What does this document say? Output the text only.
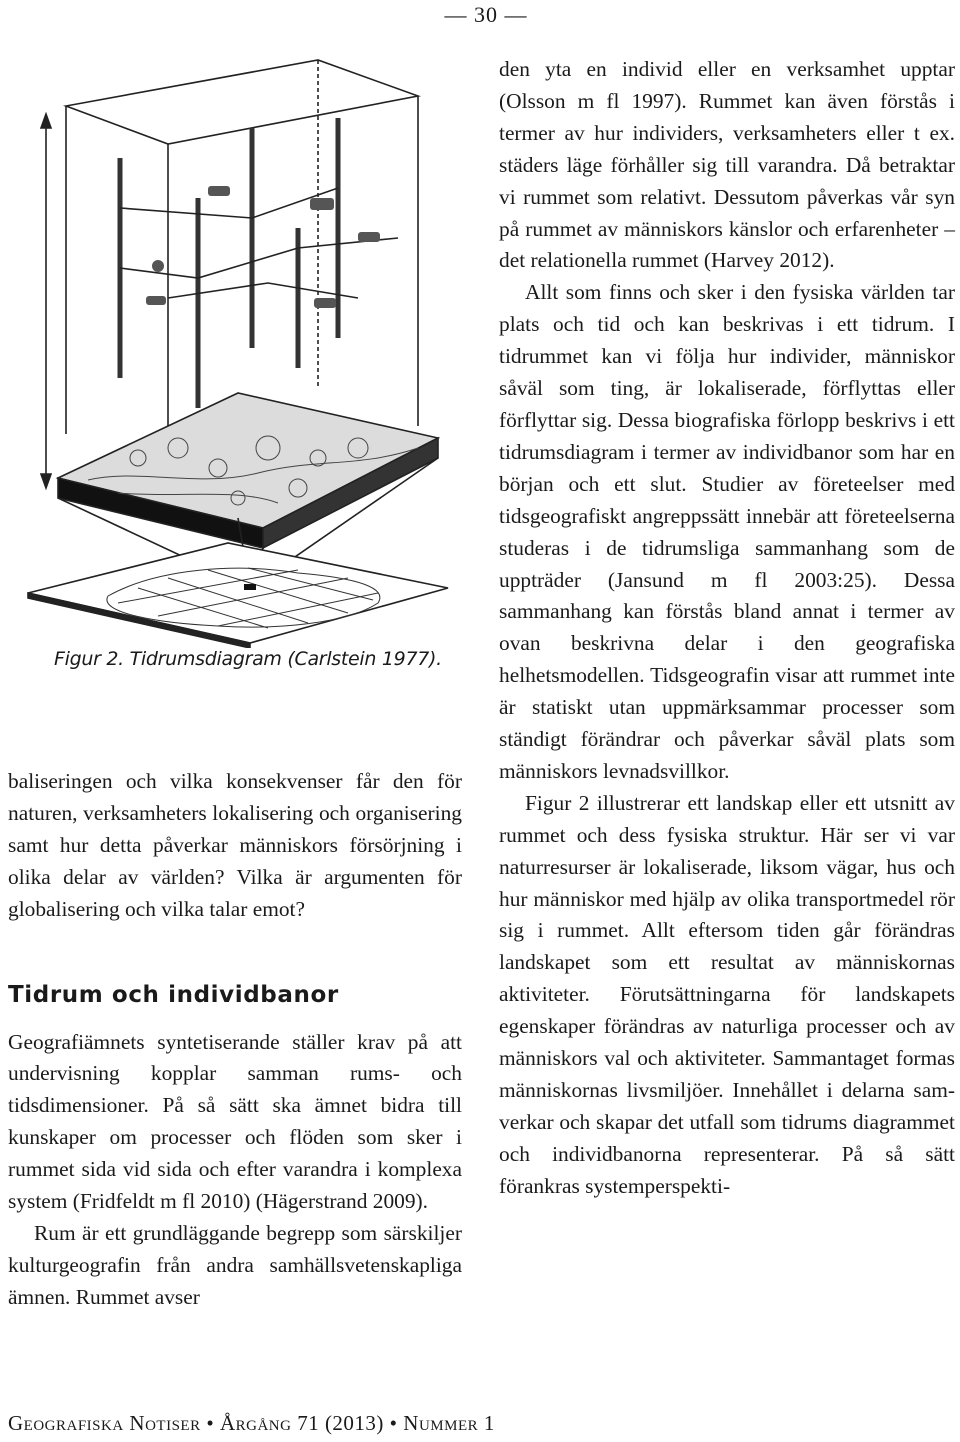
— 30 —
Figur 2. Tidrumsdiagram (Carlstein 1977).

baliseringen och vilka konsekvenser får den för naturen, verksamheters lokalisering och organisering samt hur detta påverkar människors försörjning i olika delar av världen? Vilka är argumenten för globalisering och vilka talar emot?

Tidrum och individbanor

Geografiämnets syntetiserande ställer krav på att undervisning kopplar samman rums- och tidsdimensioner. På så sätt ska ämnet bidra till kunskaper om processer och flöden som sker i rummet sida vid sida och efter varandra i komplexa system (Fridfeldt m fl 2010) (Hägerstrand 2009).

Rum är ett grundläggande begrepp som särskiljer kulturgeografin från andra samhällsvetenskapliga ämnen. Rummet avser

den yta en individ eller en verksamhet upptar (Olsson m fl 1997). Rummet kan även förstås i termer av hur individers, verksamheters eller t ex. städers läge förhåller sig till varandra. Då betraktar vi rummet som relativt. Dessutom påverkas vår syn på rummet av människors känslor och erfarenheter – det relationella rummet (Harvey 2012).

Allt som finns och sker i den fysiska världen tar plats och tid och kan beskrivas i ett tidrum. I tidrummet kan vi följa hur individer, människor såväl som ting, är lokaliserade, förflyttas eller förflyttar sig. Dessa biografiska förlopp beskrivs i ett tidrumsdiagram i termer av individbanor som har en början och ett slut. Studier av företeelser med tidsgeografiskt angreppssätt innebär att företeelserna studeras i de tidrumsliga sammanhang som de uppträder (Jansund m fl 2003:25). Dessa sammanhang kan förstås bland annat i termer av ovan beskrivna delar i den geografiska helhetsmodellen. Tidsgeografin visar att rummet inte är statiskt utan uppmärksammar processer som ständigt förändrar och påverkar såväl plats som människors levnadsvillkor.

Figur 2 illustrerar ett landskap eller ett utsnitt av rummet och dess fysiska struktur. Här ser vi var naturresurser är lokaliserade, liksom vägar, hus och hur människor med hjälp av olika transportmedel rör sig i rummet. Allt eftersom tiden går förändras landskapet som ett resultat av människornas aktiviteter. Förutsättningarna för landskapets egenskaper förändras av naturliga processer och av människors val och aktiviteter. Sammantaget formas människornas livsmiljöer. Innehållet i delarna samverkar och skapar det utfall som tidrums diagrammet och individbanorna representerar. På så sätt förankras systemperspekti-

Geografiska Notiser • Årgång 71 (2013) • Nummer 1
